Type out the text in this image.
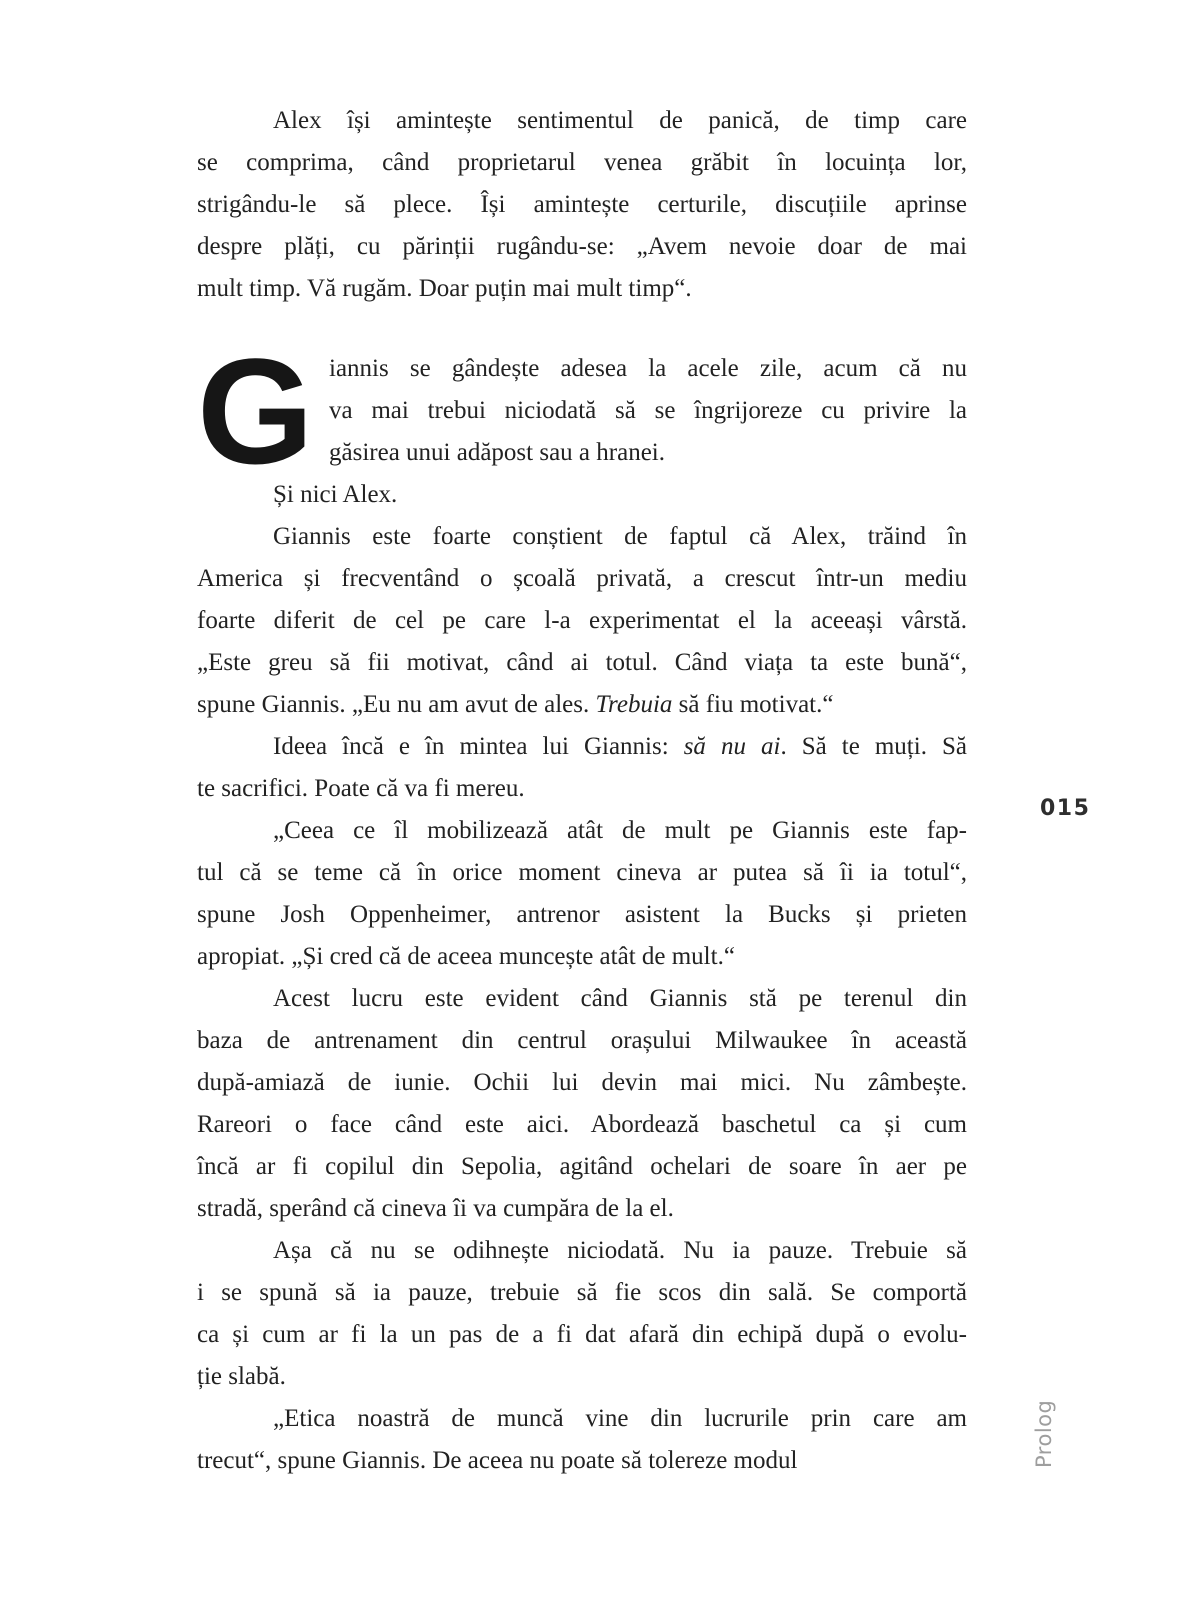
Alex își amintește sentimentul de panică, de timp care
se comprima, când proprietarul venea grăbit în locuința lor,
strigându-le să plece. Își amintește certurile, discuțiile aprinse
despre plăți, cu părinții rugându-se: „Avem nevoie doar de mai
mult timp. Vă rugăm. Doar puțin mai mult timp“.
G iannis se gândește adesea la acele zile, acum că nu
va mai trebui niciodată să se îngrijoreze cu privire la
găsirea unui adăpost sau a hranei.
Și nici Alex.
Giannis este foarte conștient de faptul că Alex, trăind în
America și frecventând o școală privată, a crescut într-un mediu
foarte diferit de cel pe care l-a experimentat el la aceeași vârstă.
„Este greu să fii motivat, când ai totul. Când viața ta este bună“,
spune Giannis. „Eu nu am avut de ales. Trebuia să fiu motivat.“
Ideea încă e în mintea lui Giannis: să nu ai. Să te muți. Să
te sacrifici. Poate că va fi mereu.
„Ceea ce îl mobilizează atât de mult pe Giannis este fap-
tul că se teme că în orice moment cineva ar putea să îi ia totul“,
spune Josh Oppenheimer, antrenor asistent la Bucks și prieten
apropiat. „Și cred că de aceea muncește atât de mult.“
Acest lucru este evident când Giannis stă pe terenul din
baza de antrenament din centrul orașului Milwaukee în această
după-amiază de iunie. Ochii lui devin mai mici. Nu zâmbește.
Rareori o face când este aici. Abordează baschetul ca și cum
încă ar fi copilul din Sepolia, agitând ochelari de soare în aer pe
stradă, sperând că cineva îi va cumpăra de la el.
Așa că nu se odihnește niciodată. Nu ia pauze. Trebuie să
i se spună să ia pauze, trebuie să fie scos din sală. Se comportă
ca și cum ar fi la un pas de a fi dat afară din echipă după o evolu-
ție slabă.
„Etica noastră de muncă vine din lucrurile prin care am
trecut“, spune Giannis. De aceea nu poate să tolereze modul
015
Prolog
